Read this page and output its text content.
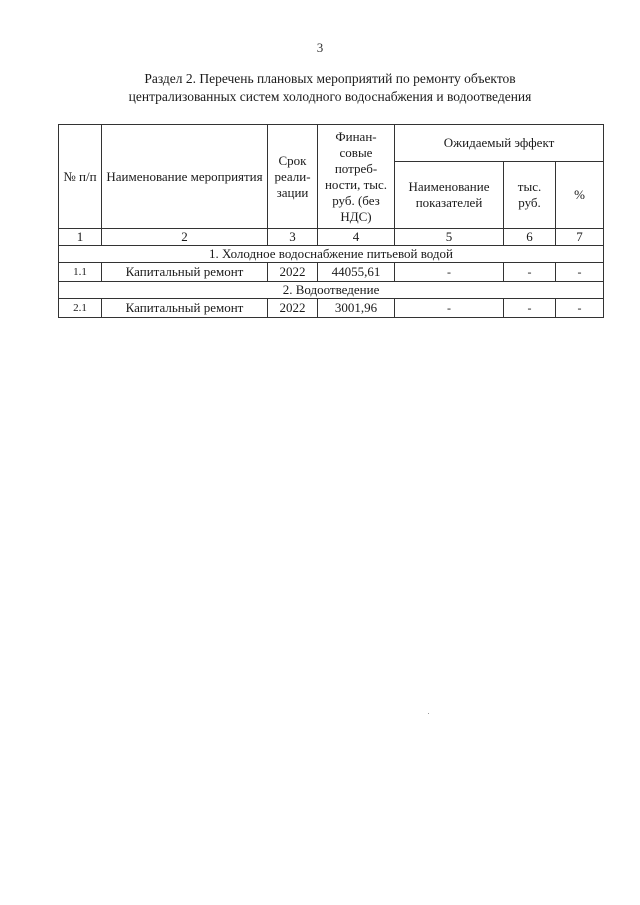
3
Раздел 2. Перечень плановых мероприятий по ремонту объектов
централизованных систем холодного водоснабжения и водоотведения
№ п/п	Наименование мероприятия	Срок реали-зации	Финан-совые потреб-ности, тыс. руб. (без НДС)	Ожидаемый эффект		
				Наименование показателей	тыс. руб.	%
1	2	3	4	5	6	7
1. Холодное водоснабжение питьевой водой						
1.1	Капитальный ремонт	2022	44055,61	-	-	-
2. Водоотведение						
2.1	Капитальный ремонт	2022	3001,96	-	-	-
